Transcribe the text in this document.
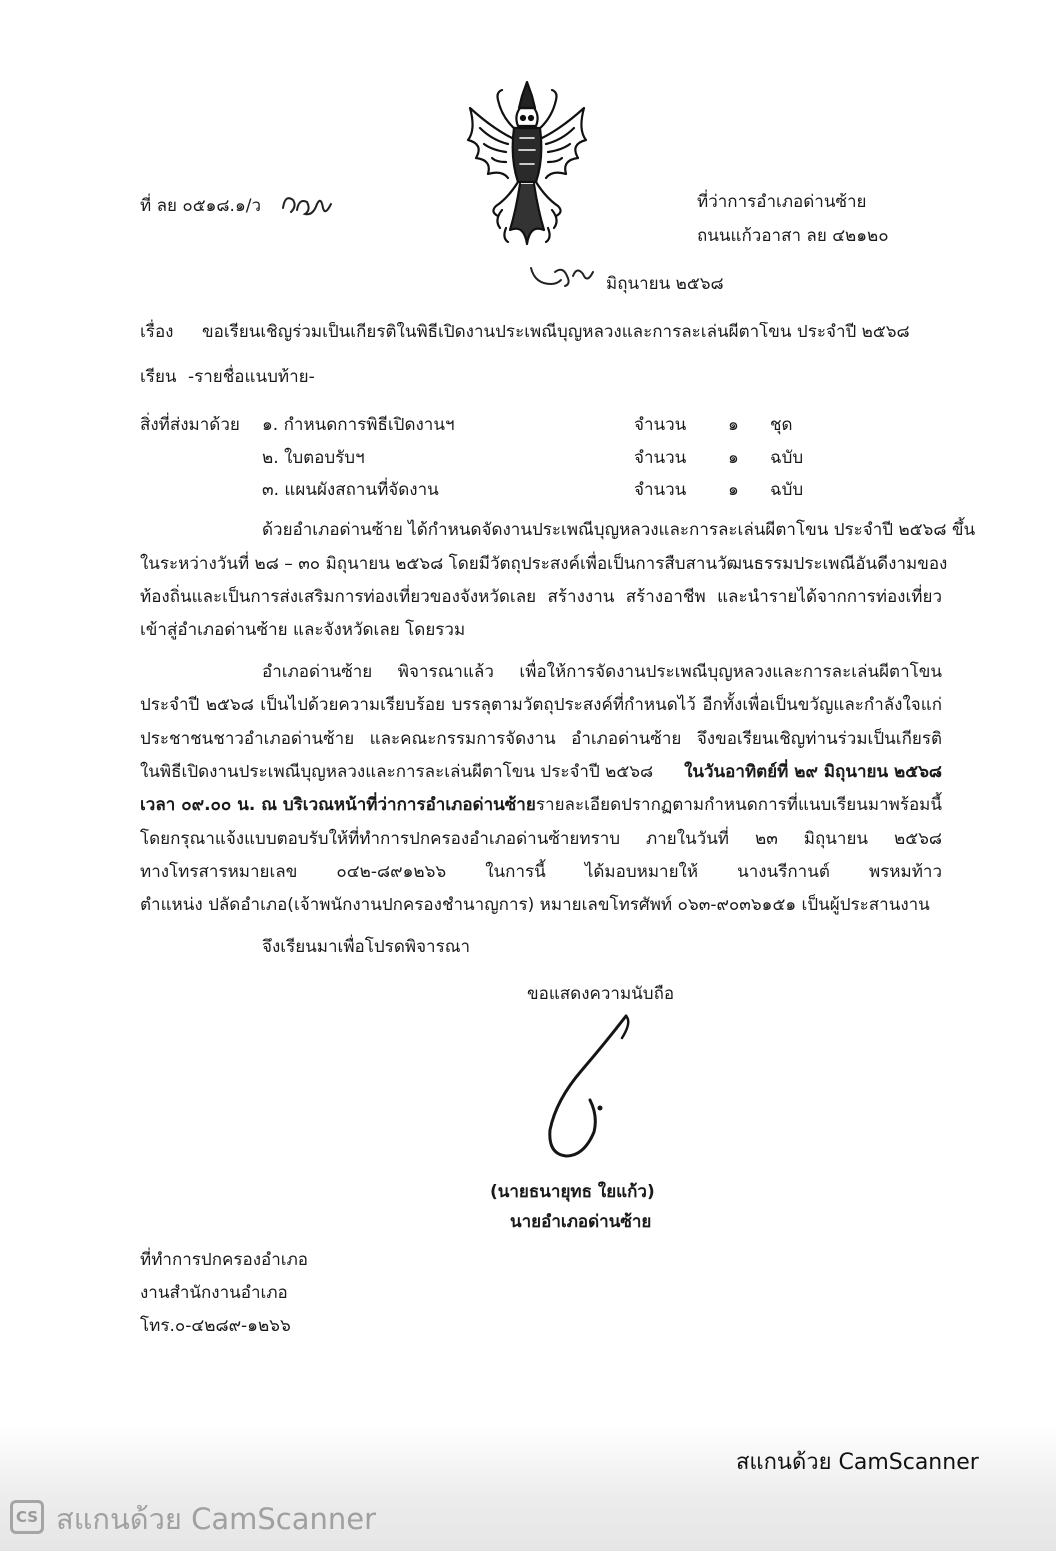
ที่ ลย ๐๕๑๘.๑/ว	ที่ว่าการอำเภอด่านซ้าย
ถนนแก้วอาสา ลย ๔๒๑๒๐
มิถุนายน ๒๕๖๘
เรื่อง ขอเรียนเชิญร่วมเป็นเกียรติในพิธีเปิดงานประเพณีบุญหลวงและการละเล่นผีตาโขน ประจำปี ๒๕๖๘
เรียน -รายชื่อแนบท้าย-
สิ่งที่ส่งมาด้วย ๑. กำหนดการพิธีเปิดงานฯ	จำนวน ๑ ชุด
๒. ใบตอบรับฯ	จำนวน ๑ ฉบับ
๓. แผนผังสถานที่จัดงาน	จำนวน ๑ ฉบับ
ด้วยอำเภอด่านซ้าย ได้กำหนดจัดงานประเพณีบุญหลวงและการละเล่นผีตาโขน ประจำปี ๒๕๖๘ ขึ้น
ในระหว่างวันที่ ๒๘ – ๓๐ มิถุนายน ๒๕๖๘ โดยมีวัตถุประสงค์เพื่อเป็นการสืบสานวัฒนธรรมประเพณีอันดีงามของ
ท้องถิ่นและเป็นการส่งเสริมการท่องเที่ยวของจังหวัดเลย สร้างงาน สร้างอาชีพ และนำรายได้จากการท่องเที่ยว
เข้าสู่อำเภอด่านซ้าย และจังหวัดเลย โดยรวม
อำเภอด่านซ้าย พิจารณาแล้ว เพื่อให้การจัดงานประเพณีบุญหลวงและการละเล่นผีตาโขน
ประจำปี ๒๕๖๘ เป็นไปด้วยความเรียบร้อย บรรลุตามวัตถุประสงค์ที่กำหนดไว้ อีกทั้งเพื่อเป็นขวัญและกำลังใจแก่
ประชาชนชาวอำเภอด่านซ้าย และคณะกรรมการจัดงาน อำเภอด่านซ้าย จึงขอเรียนเชิญท่านร่วมเป็นเกียรติ
ในพิธีเปิดงานประเพณีบุญหลวงและการละเล่นผีตาโขน ประจำปี ๒๕๖๘ ในวันอาทิตย์ที่ ๒๙ มิถุนายน ๒๕๖๘
เวลา ๐๙.๐๐ น. ณ บริเวณหน้าที่ว่าการอำเภอด่านซ้าย รายละเอียดปรากฏตามกำหนดการที่แนบเรียนมาพร้อมนี้
โดยกรุณาแจ้งแบบตอบรับให้ที่ทำการปกครองอำเภอด่านซ้ายทราบ ภายในวันที่ ๒๓ มิถุนายน ๒๕๖๘
ทางโทรสารหมายเลข ๐๔๒-๘๙๑๒๖๖ ในการนี้ ได้มอบหมายให้ นางนรีกานต์ พรหมท้าว
ตำแหน่ง ปลัดอำเภอ(เจ้าพนักงานปกครองชำนาญการ) หมายเลขโทรศัพท์ ๐๖๓-๙๐๓๖๑๕๑ เป็นผู้ประสานงาน
จึงเรียนมาเพื่อโปรดพิจารณา
ขอแสดงความนับถือ
(นายธนายุทธ ใยแก้ว)
นายอำเภอด่านซ้าย
ที่ทำการปกครองอำเภอ
งานสำนักงานอำเภอ
โทร.๐-๔๒๘๙-๑๒๖๖
สแกนด้วย CamScanner
CS สแกนด้วย CamScanner
